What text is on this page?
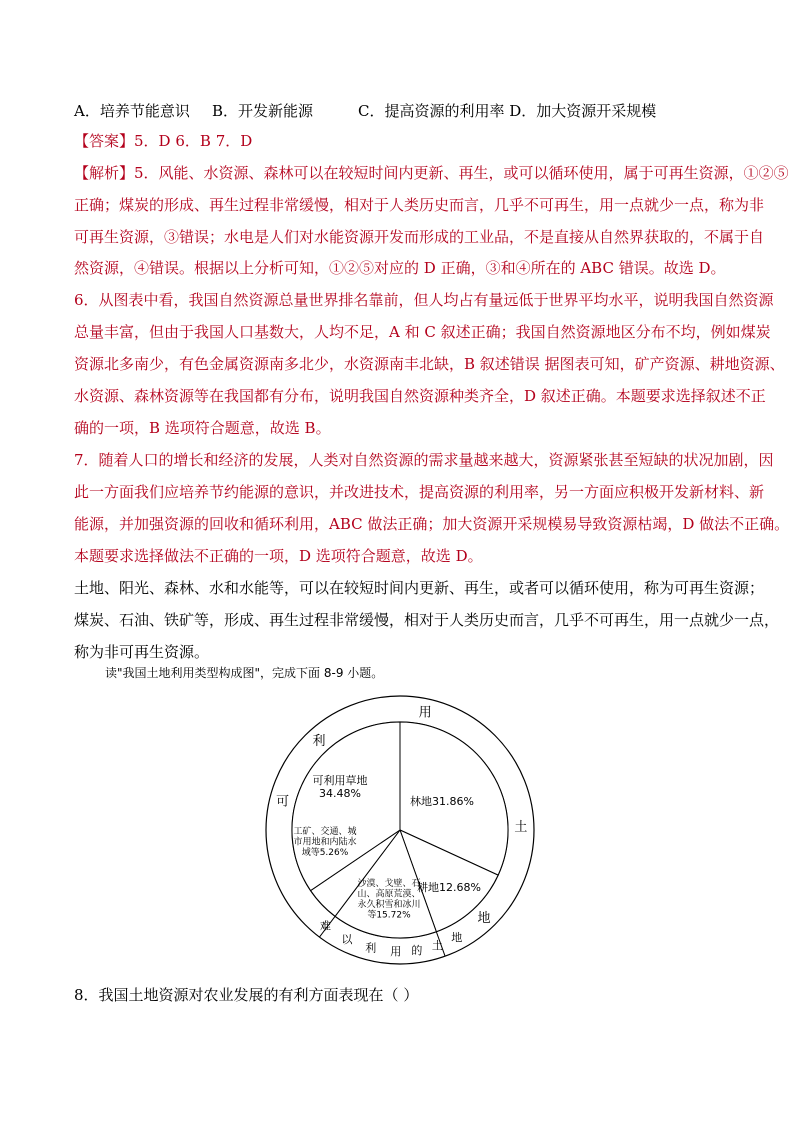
A．培养节能意识 B．开发新能源	C．提高资源的利用率 D．加大资源开采规模
【答案】5．D 6．B 7．D
【解析】5．风能、水资源、森林可以在较短时间内更新、再生，或可以循环使用，属于可再生资源，①②⑤
正确；煤炭的形成、再生过程非常缓慢，相对于人类历史而言，几乎不可再生，用一点就少一点，称为非
可再生资源，③错误；水电是人们对水能资源开发而形成的工业品，不是直接从自然界获取的，不属于自
然资源，④错误。根据以上分析可知，①②⑤对应的 D 正确，③和④所在的 ABC 错误。故选 D。
6．从图表中看，我国自然资源总量世界排名靠前，但人均占有量远低于世界平均水平，说明我国自然资源
总量丰富，但由于我国人口基数大，人均不足，A 和 C 叙述正确；我国自然资源地区分布不均，例如煤炭
资源北多南少，有色金属资源南多北少，水资源南丰北缺，B 叙述错误 据图表可知，矿产资源、耕地资源、
水资源、森林资源等在我国都有分布，说明我国自然资源种类齐全，D 叙述正确。本题要求选择叙述不正
确的一项，B 选项符合题意，故选 B。
7．随着人口的增长和经济的发展，人类对自然资源的需求量越来越大，资源紧张甚至短缺的状况加剧，因
此一方面我们应培养节约能源的意识，并改进技术，提高资源的利用率，另一方面应积极开发新材料、新
能源，并加强资源的回收和循环利用，ABC 做法正确；加大资源开采规模易导致资源枯竭，D 做法不正确。
本题要求选择做法不正确的一项，D 选项符合题意，故选 D。
土地、阳光、森林、水和水能等，可以在较短时间内更新、再生，或者可以循环使用，称为可再生资源；
煤炭、石油、铁矿等，形成、再生过程非常缓慢，相对于人类历史而言，几乎不可再生，用一点就少一点，
称为非可再生资源。
读"我国土地利用类型构成图"，完成下面 8-9 小题。
林地31.86%
耕地12.68%
沙漠、戈壁、石山、高原荒漠、永久积雪和冰川等15.72%
工矿、交通、城市用地和内陆水域等5.26%
可利用草地 34.48%
可
利
用
土
地
难
以
利 用 的 土
地
8．我国土地资源对农业发展的有利方面表现在（ ）
